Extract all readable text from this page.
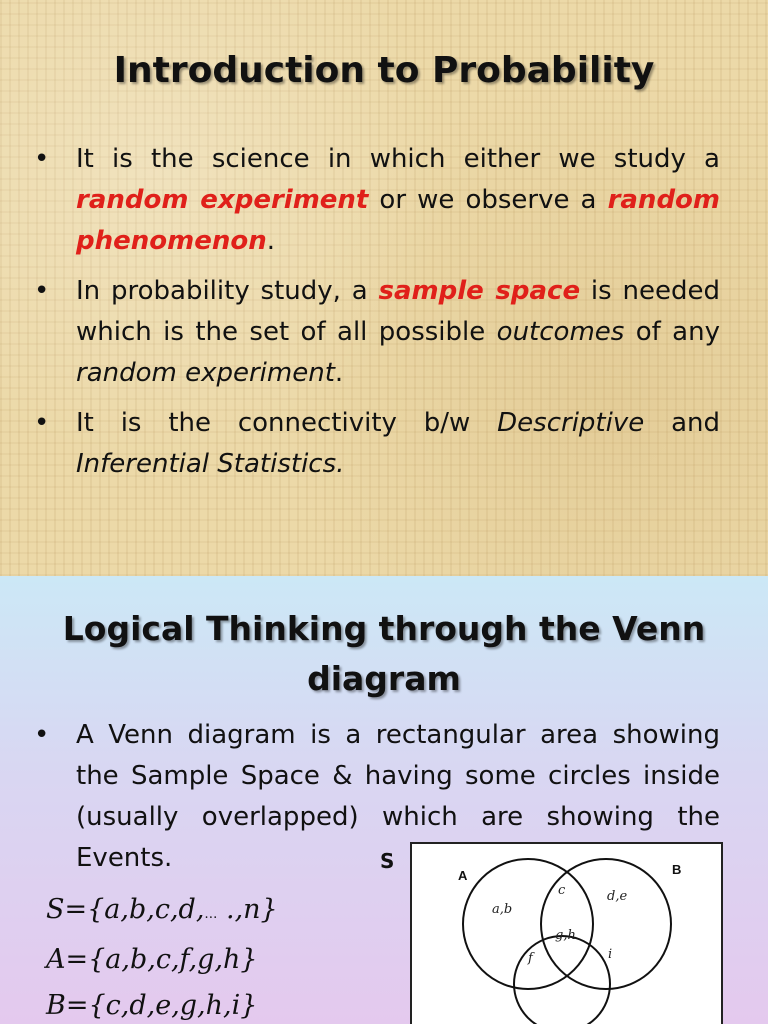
Introduction to Probability
• It is the science in which either we study a random experiment or we observe a random phenomenon.
• In probability study, a sample space is needed which is the set of all possible outcomes of any random experiment.
• It is the connectivity b/w Descriptive and Inferential Statistics.
Logical Thinking through the Venn
diagram
• A Venn diagram is a rectangular area showing the Sample Space & having some circles inside (usually overlapped) which are showing the Events.
S={a,b,c,d,… .,n}
A={a,b,c,f,g,h}
B={c,d,e,g,h,i}
S
A	B
a,b
c	d,e
g,h
f	i
